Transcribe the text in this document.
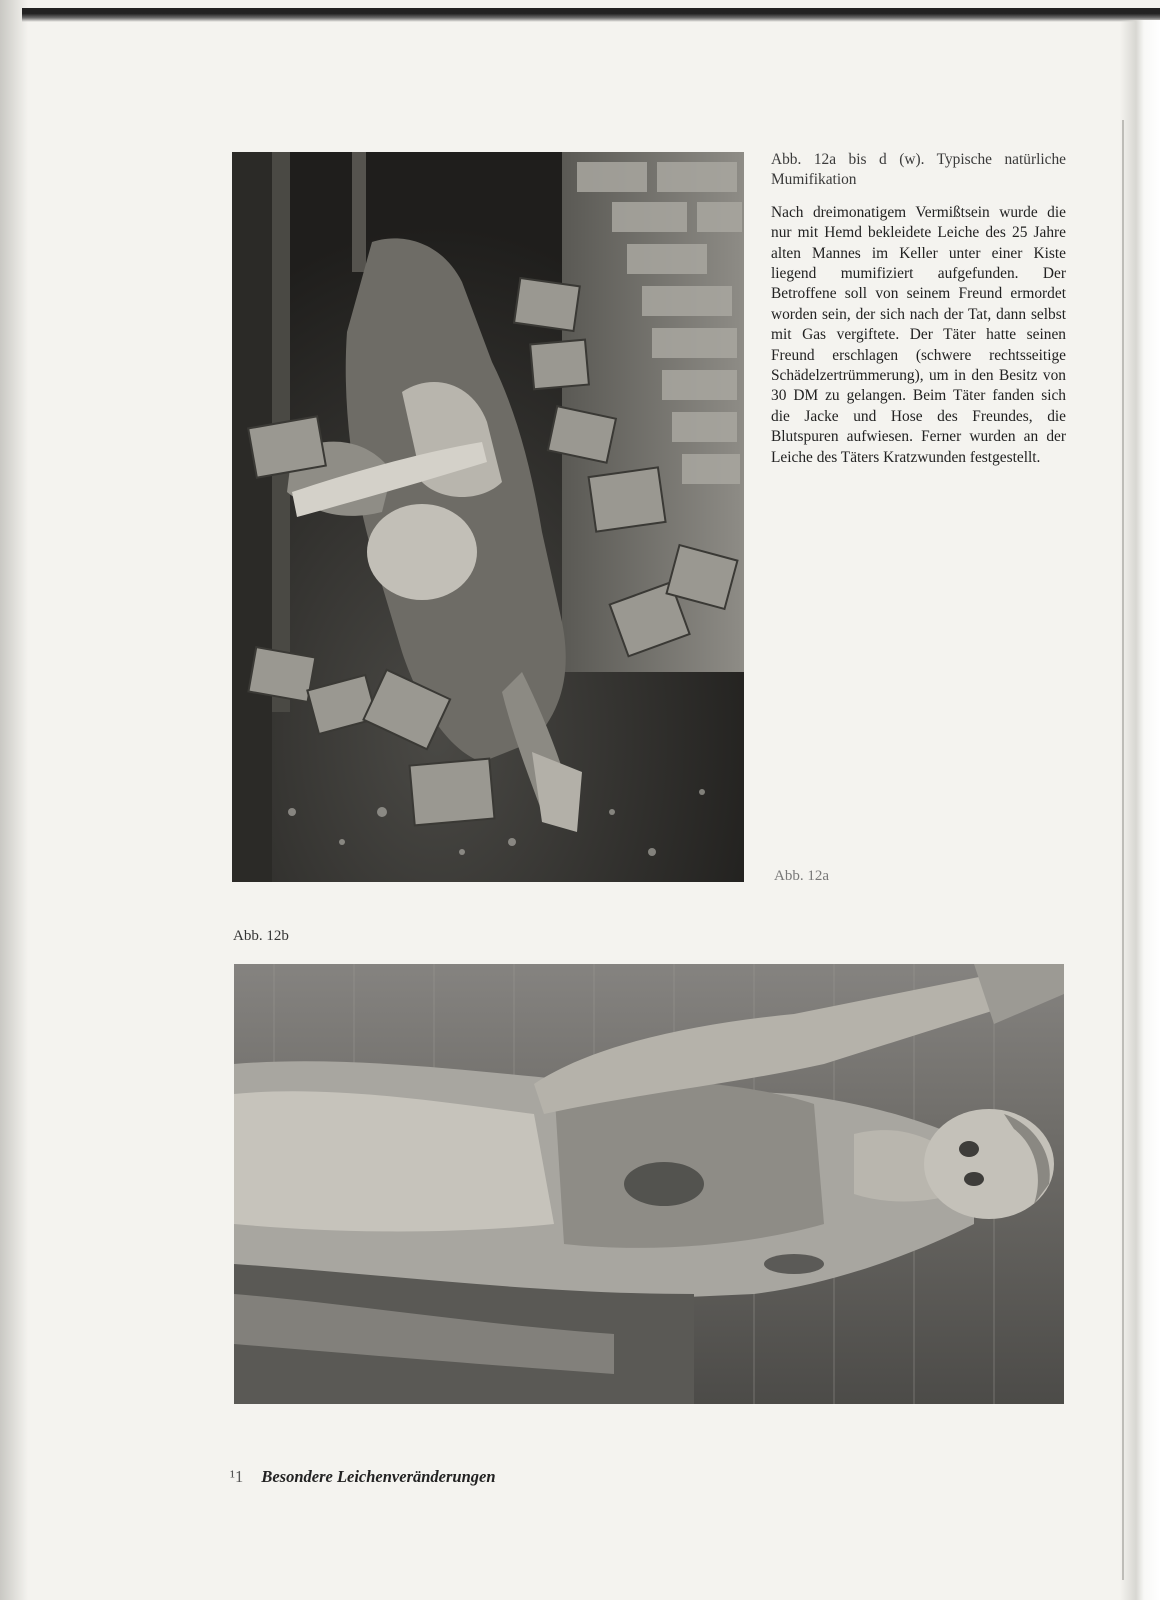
Abb. 12a bis d (w). Typische natürliche Mumifikation

Nach dreimonatigem Vermißtsein wurde die nur mit Hemd bekleidete Leiche des 25 Jahre alten Mannes im Keller unter einer Kiste liegend mumifiziert aufgefunden. Der Betroffene soll von seinem Freund ermordet worden sein, der sich nach der Tat, dann selbst mit Gas vergiftete. Der Täter hatte seinen Freund erschlagen (schwere rechtsseitige Schädelzertrümmerung), um in den Besitz von 30 DM zu gelangen. Beim Täter fanden sich die Jacke und Hose des Freundes, die Blutspuren aufwiesen. Ferner wurden an der Leiche des Täters Kratzwunden festgestellt.

Abb. 12a
Abb. 12b
¹1 Besondere Leichenveränderungen
